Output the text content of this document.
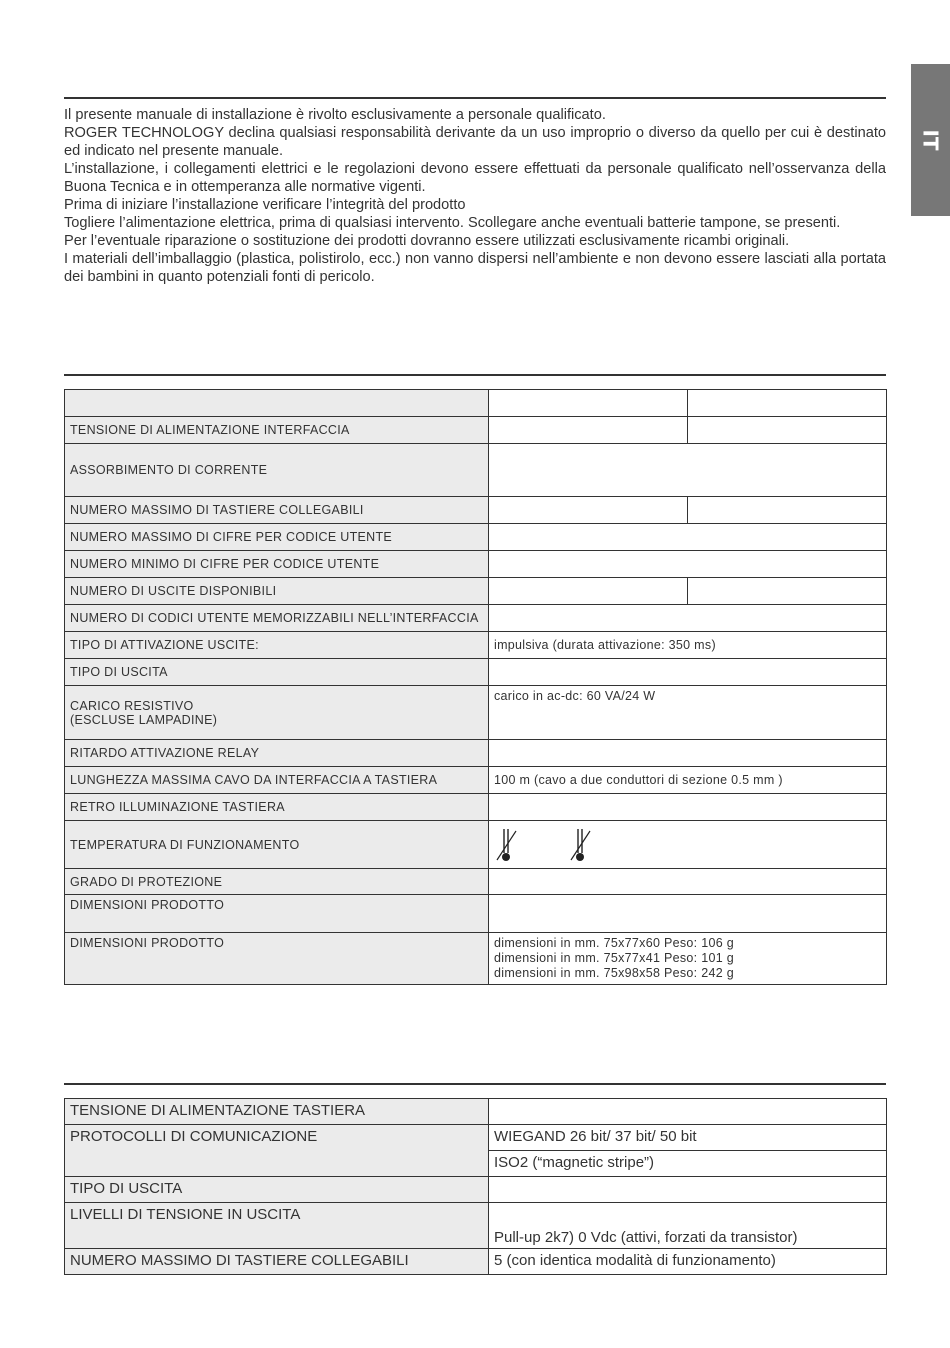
IT

Il presente manuale di installazione è rivolto esclusivamente a personale qualificato.

ROGER TECHNOLOGY declina qualsiasi responsabilità derivante da un uso improprio o diverso da quello per cui è destinato ed indicato nel presente manuale.

L’installazione, i collegamenti elettrici e le regolazioni devono essere effettuati da personale qualificato nell’osservanza della Buona Tecnica e in ottemperanza alle normative vigenti.

Prima di iniziare l’installazione verificare l’integrità del prodotto

Togliere l’alimentazione elettrica, prima di qualsiasi intervento. Scollegare anche eventuali batterie tampone, se presenti.

Per l’eventuale riparazione o sostituzione dei prodotti dovranno essere utilizzati esclusivamente ricambi originali.

I materiali dell’imballaggio (plastica, polistirolo, ecc.) non vanno dispersi nell’ambiente e non devono essere lasciati alla portata dei bambini in quanto potenziali fonti di pericolo.

TENSIONE DI ALIMENTAZIONE INTERFACCIA		
ASSORBIMENTO DI CORRENTE		
NUMERO MASSIMO DI TASTIERE COLLEGABILI		
NUMERO MASSIMO DI CIFRE PER CODICE UTENTE		
NUMERO MINIMO DI CIFRE PER CODICE UTENTE		
NUMERO DI USCITE DISPONIBILI		
NUMERO DI CODICI UTENTE MEMORIZZABILI NELL’INTERFACCIA		
TIPO DI ATTIVAZIONE USCITE:	impulsiva (durata attivazione: 350 ms)	
TIPO DI USCITA		

CARICO RESISTIVO
(ESCLUSE LAMPADINE)	carico in ac-dc: 60 VA/24 W	
RITARDO ATTIVAZIONE RELAY		
LUNGHEZZA MASSIMA CAVO DA INTERFACCIA A TASTIERA	100 m (cavo a due conduttori di sezione 0.5 mm )	
RETRO ILLUMINAZIONE TASTIERA		
TEMPERATURA DI FUNZIONAMENTO	
GRADO DI PROTEZIONE		
DIMENSIONI PRODOTTO		
DIMENSIONI PRODOTTO	dimensioni in mm. 75x77x60 Peso: 106 g
dimensioni in mm. 75x77x41 Peso: 101 g
dimensioni in mm. 75x98x58 Peso: 242 g	
TENSIONE DI ALIMENTAZIONE TASTIERA	
PROTOCOLLI DI COMUNICAZIONE	WIEGAND 26 bit/ 37 bit/ 50 bit
	ISO2 (“magnetic stripe”)
TIPO DI USCITA	
LIVELLI DI TENSIONE IN USCITA	Pull-up 2k7) 0 Vdc (attivi, forzati da transistor)
NUMERO MASSIMO DI TASTIERE COLLEGABILI	5 (con identica modalità di funzionamento)
